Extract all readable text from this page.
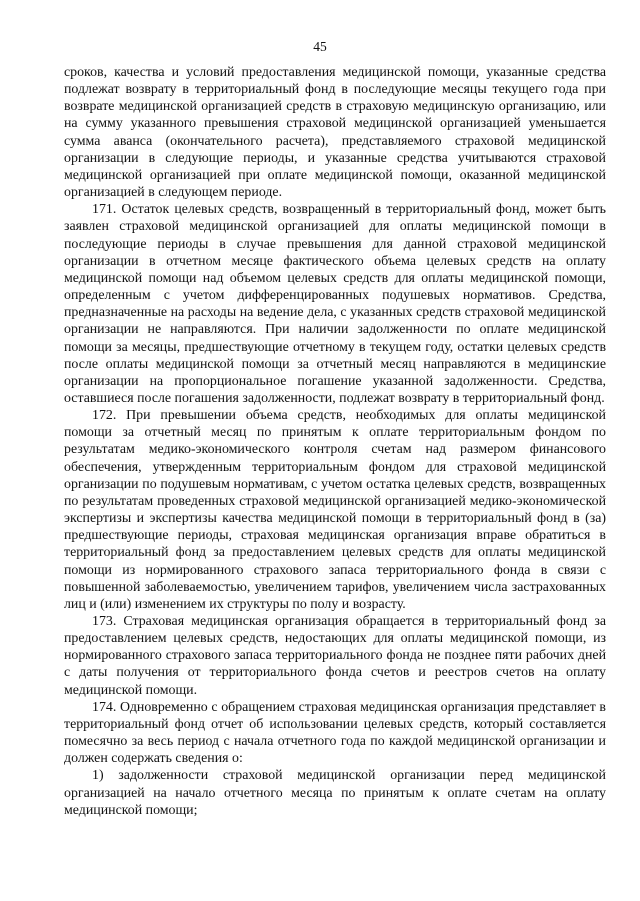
45

сроков, качества и условий предоставления медицинской помощи, указанные средства подлежат возврату в территориальный фонд в последующие месяцы текущего года при возврате медицинской организацией средств в страховую медицинскую организацию, или на сумму указанного превышения страховой медицинской организацией уменьшается сумма аванса (окончательного расчета), представляемого страховой медицинской организации в следующие периоды, и указанные средства учитываются страховой медицинской организацией при оплате медицинской помощи, оказанной медицинской организацией в следующем периоде.

171. Остаток целевых средств, возвращенный в территориальный фонд, может быть заявлен страховой медицинской организацией для оплаты медицинской помощи в последующие периоды в случае превышения для данной страховой медицинской организации в отчетном месяце фактического объема целевых средств на оплату медицинской помощи над объемом целевых средств для оплаты медицинской помощи, определенным с учетом дифференцированных подушевых нормативов. Средства, предназначенные на расходы на ведение дела, с указанных средств страховой медицинской организации не направляются. При наличии задолженности по оплате медицинской помощи за месяцы, предшествующие отчетному в текущем году, остатки целевых средств после оплаты медицинской помощи за отчетный месяц направляются в медицинские организации на пропорциональное погашение указанной задолженности. Средства, оставшиеся после погашения задолженности, подлежат возврату в территориальный фонд.

172. При превышении объема средств, необходимых для оплаты медицинской помощи за отчетный месяц по принятым к оплате территориальным фондом по результатам медико-экономического контроля счетам над размером финансового обеспечения, утвержденным территориальным фондом для страховой медицинской организации по подушевым нормативам, с учетом остатка целевых средств, возвращенных по результатам проведенных страховой медицинской организацией медико-экономической экспертизы и экспертизы качества медицинской помощи в территориальный фонд в (за) предшествующие периоды, страховая медицинская организация вправе обратиться в территориальный фонд за предоставлением целевых средств для оплаты медицинской помощи из нормированного страхового запаса территориального фонда в связи с повышенной заболеваемостью, увеличением тарифов, увеличением числа застрахованных лиц и (или) изменением их структуры по полу и возрасту.

173. Страховая медицинская организация обращается в территориальный фонд за предоставлением целевых средств, недостающих для оплаты медицинской помощи, из нормированного страхового запаса территориального фонда не позднее пяти рабочих дней с даты получения от территориального фонда счетов и реестров счетов на оплату медицинской помощи.

174. Одновременно с обращением страховая медицинская организация представляет в территориальный фонд отчет об использовании целевых средств, который составляется помесячно за весь период с начала отчетного года по каждой медицинской организации и должен содержать сведения о:

1) задолженности страховой медицинской организации перед медицинской организацией на начало отчетного месяца по принятым к оплате счетам на оплату медицинской помощи;
